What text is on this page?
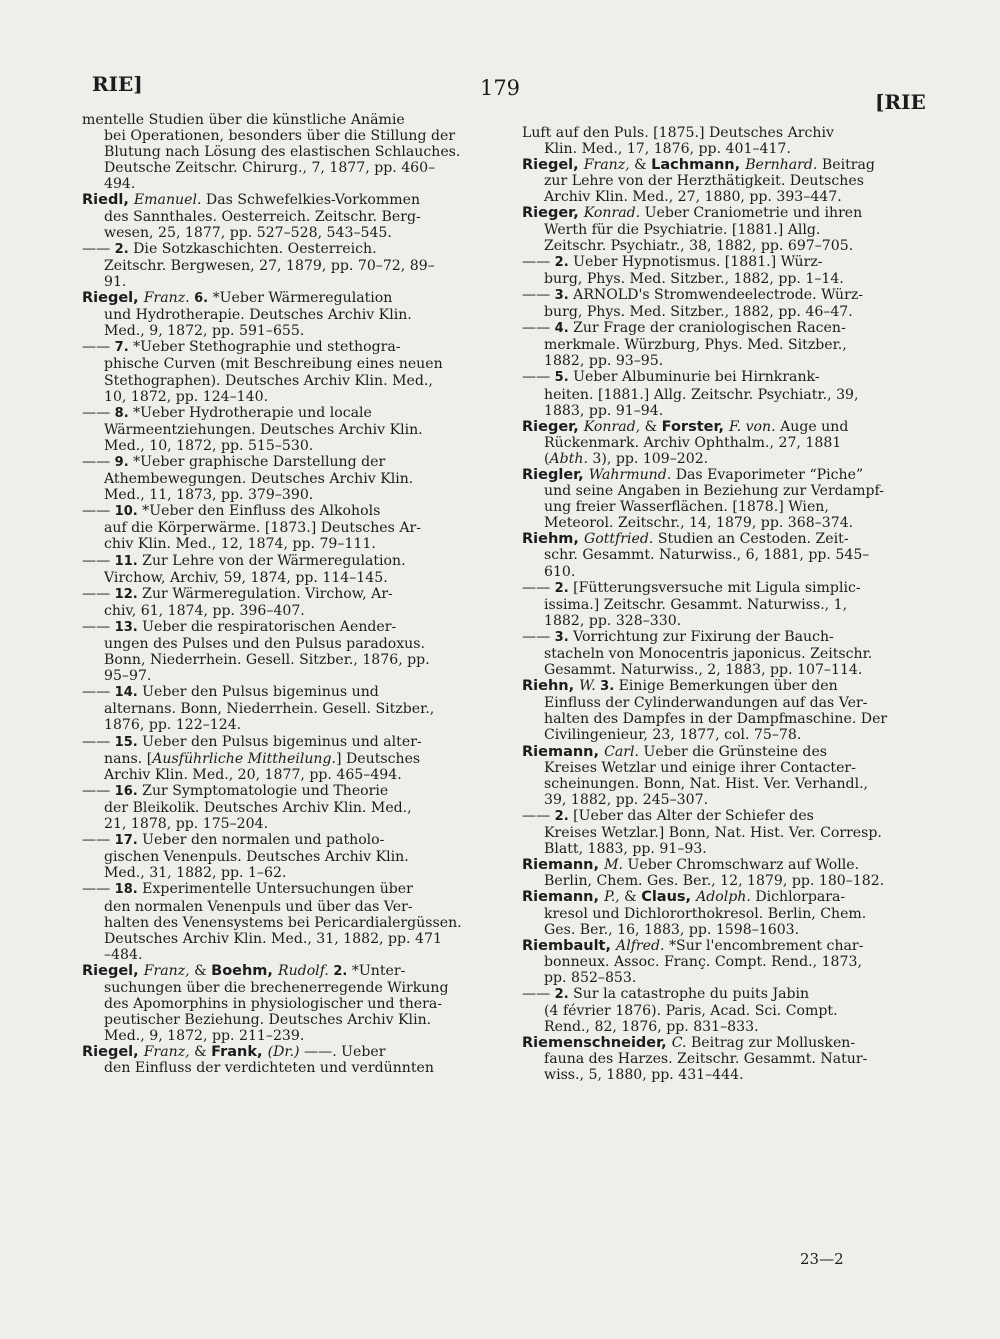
RIE]	179
[RIE
mentelle Studien über die künstliche Anämie
bei Operationen, besonders über die Stillung der
Blutung nach Lösung des elastischen Schlauches.
Deutsche Zeitschr. Chirurg., 7, 1877, pp. 460–
494.
Riedl, Emanuel. Das Schwefelkies-Vorkommen
des Sannthales. Oesterreich. Zeitschr. Berg-
wesen, 25, 1877, pp. 527–528, 543–545.
—— 2. Die Sotzkaschichten. Oesterreich.
Zeitschr. Bergwesen, 27, 1879, pp. 70–72, 89–
91.
Riegel, Franz. 6. *Ueber Wärmeregulation
und Hydrotherapie. Deutsches Archiv Klin.
Med., 9, 1872, pp. 591–655.
—— 7. *Ueber Stethographie und stethogra-
phische Curven (mit Beschreibung eines neuen
Stethographen). Deutsches Archiv Klin. Med.,
10, 1872, pp. 124–140.
—— 8. *Ueber Hydrotherapie und locale
Wärmeentziehungen. Deutsches Archiv Klin.
Med., 10, 1872, pp. 515–530.
—— 9. *Ueber graphische Darstellung der
Athembewegungen. Deutsches Archiv Klin.
Med., 11, 1873, pp. 379–390.
—— 10. *Ueber den Einfluss des Alkohols
auf die Körperwärme. [1873.] Deutsches Ar-
chiv Klin. Med., 12, 1874, pp. 79–111.
—— 11. Zur Lehre von der Wärmeregulation.
Virchow, Archiv, 59, 1874, pp. 114–145.
—— 12. Zur Wärmeregulation. Virchow, Ar-
chiv, 61, 1874, pp. 396–407.
—— 13. Ueber die respiratorischen Aender-
ungen des Pulses und den Pulsus paradoxus.
Bonn, Niederrhein. Gesell. Sitzber., 1876, pp.
95–97.
—— 14. Ueber den Pulsus bigeminus und
alternans. Bonn, Niederrhein. Gesell. Sitzber.,
1876, pp. 122–124.
—— 15. Ueber den Pulsus bigeminus und alter-
nans. [Ausführliche Mittheilung.] Deutsches
Archiv Klin. Med., 20, 1877, pp. 465–494.
—— 16. Zur Symptomatologie und Theorie
der Bleikolik. Deutsches Archiv Klin. Med.,
21, 1878, pp. 175–204.
—— 17. Ueber den normalen und patholo-
gischen Venenpuls. Deutsches Archiv Klin.
Med., 31, 1882, pp. 1–62.
—— 18. Experimentelle Untersuchungen über
den normalen Venenpuls und über das Ver-
halten des Venensystems bei Pericardialergüssen.
Deutsches Archiv Klin. Med., 31, 1882, pp. 471
–484.
Riegel, Franz, & Boehm, Rudolf. 2. *Unter-
suchungen über die brechenerregende Wirkung
des Apomorphins in physiologischer und thera-
peutischer Beziehung. Deutsches Archiv Klin.
Med., 9, 1872, pp. 211–239.
Riegel, Franz, & Frank, (Dr.) ——. Ueber
den Einfluss der verdichteten und verdünnten
Luft auf den Puls. [1875.] Deutsches Archiv
Klin. Med., 17, 1876, pp. 401–417.
Riegel, Franz, & Lachmann, Bernhard. Beitrag
zur Lehre von der Herzthätigkeit. Deutsches
Archiv Klin. Med., 27, 1880, pp. 393–447.
Rieger, Konrad. Ueber Craniometrie und ihren
Werth für die Psychiatrie. [1881.] Allg.
Zeitschr. Psychiatr., 38, 1882, pp. 697–705.
—— 2. Ueber Hypnotismus. [1881.] Würz-
burg, Phys. Med. Sitzber., 1882, pp. 1–14.
—— 3. ARNOLD's Stromwendeelectrode. Würz-
burg, Phys. Med. Sitzber., 1882, pp. 46–47.
—— 4. Zur Frage der craniologischen Racen-
merkmale. Würzburg, Phys. Med. Sitzber.,
1882, pp. 93–95.
—— 5. Ueber Albuminurie bei Hirnkrank-
heiten. [1881.] Allg. Zeitschr. Psychiatr., 39,
1883, pp. 91–94.
Rieger, Konrad, & Forster, F. von. Auge und
Rückenmark. Archiv Ophthalm., 27, 1881
(Abth. 3), pp. 109–202.
Riegler, Wahrmund. Das Evaporimeter “Piche”
und seine Angaben in Beziehung zur Verdampf-
ung freier Wasserflächen. [1878.] Wien,
Meteorol. Zeitschr., 14, 1879, pp. 368–374.
Riehm, Gottfried. Studien an Cestoden. Zeit-
schr. Gesammt. Naturwiss., 6, 1881, pp. 545–
610.
—— 2. [Fütterungsversuche mit Ligula simplic-
issima.] Zeitschr. Gesammt. Naturwiss., 1,
1882, pp. 328–330.
—— 3. Vorrichtung zur Fixirung der Bauch-
stacheln von Monocentris japonicus. Zeitschr.
Gesammt. Naturwiss., 2, 1883, pp. 107–114.
Riehn, W. 3. Einige Bemerkungen über den
Einfluss der Cylinderwandungen auf das Ver-
halten des Dampfes in der Dampfmaschine. Der
Civilingenieur, 23, 1877, col. 75–78.
Riemann, Carl. Ueber die Grünsteine des
Kreises Wetzlar und einige ihrer Contacter-
scheinungen. Bonn, Nat. Hist. Ver. Verhandl.,
39, 1882, pp. 245–307.
—— 2. [Ueber das Alter der Schiefer des
Kreises Wetzlar.] Bonn, Nat. Hist. Ver. Corresp.
Blatt, 1883, pp. 91–93.
Riemann, M. Ueber Chromschwarz auf Wolle.
Berlin, Chem. Ges. Ber., 12, 1879, pp. 180–182.
Riemann, P., & Claus, Adolph. Dichlorpara-
kresol und Dichlororthokresol. Berlin, Chem.
Ges. Ber., 16, 1883, pp. 1598–1603.
Riembault, Alfred. *Sur l'encombrement char-
bonneux. Assoc. Franç. Compt. Rend., 1873,
pp. 852–853.
—— 2. Sur la catastrophe du puits Jabin
(4 février 1876). Paris, Acad. Sci. Compt.
Rend., 82, 1876, pp. 831–833.
Riemenschneider, C. Beitrag zur Mollusken-
fauna des Harzes. Zeitschr. Gesammt. Natur-
wiss., 5, 1880, pp. 431–444.
23—2
